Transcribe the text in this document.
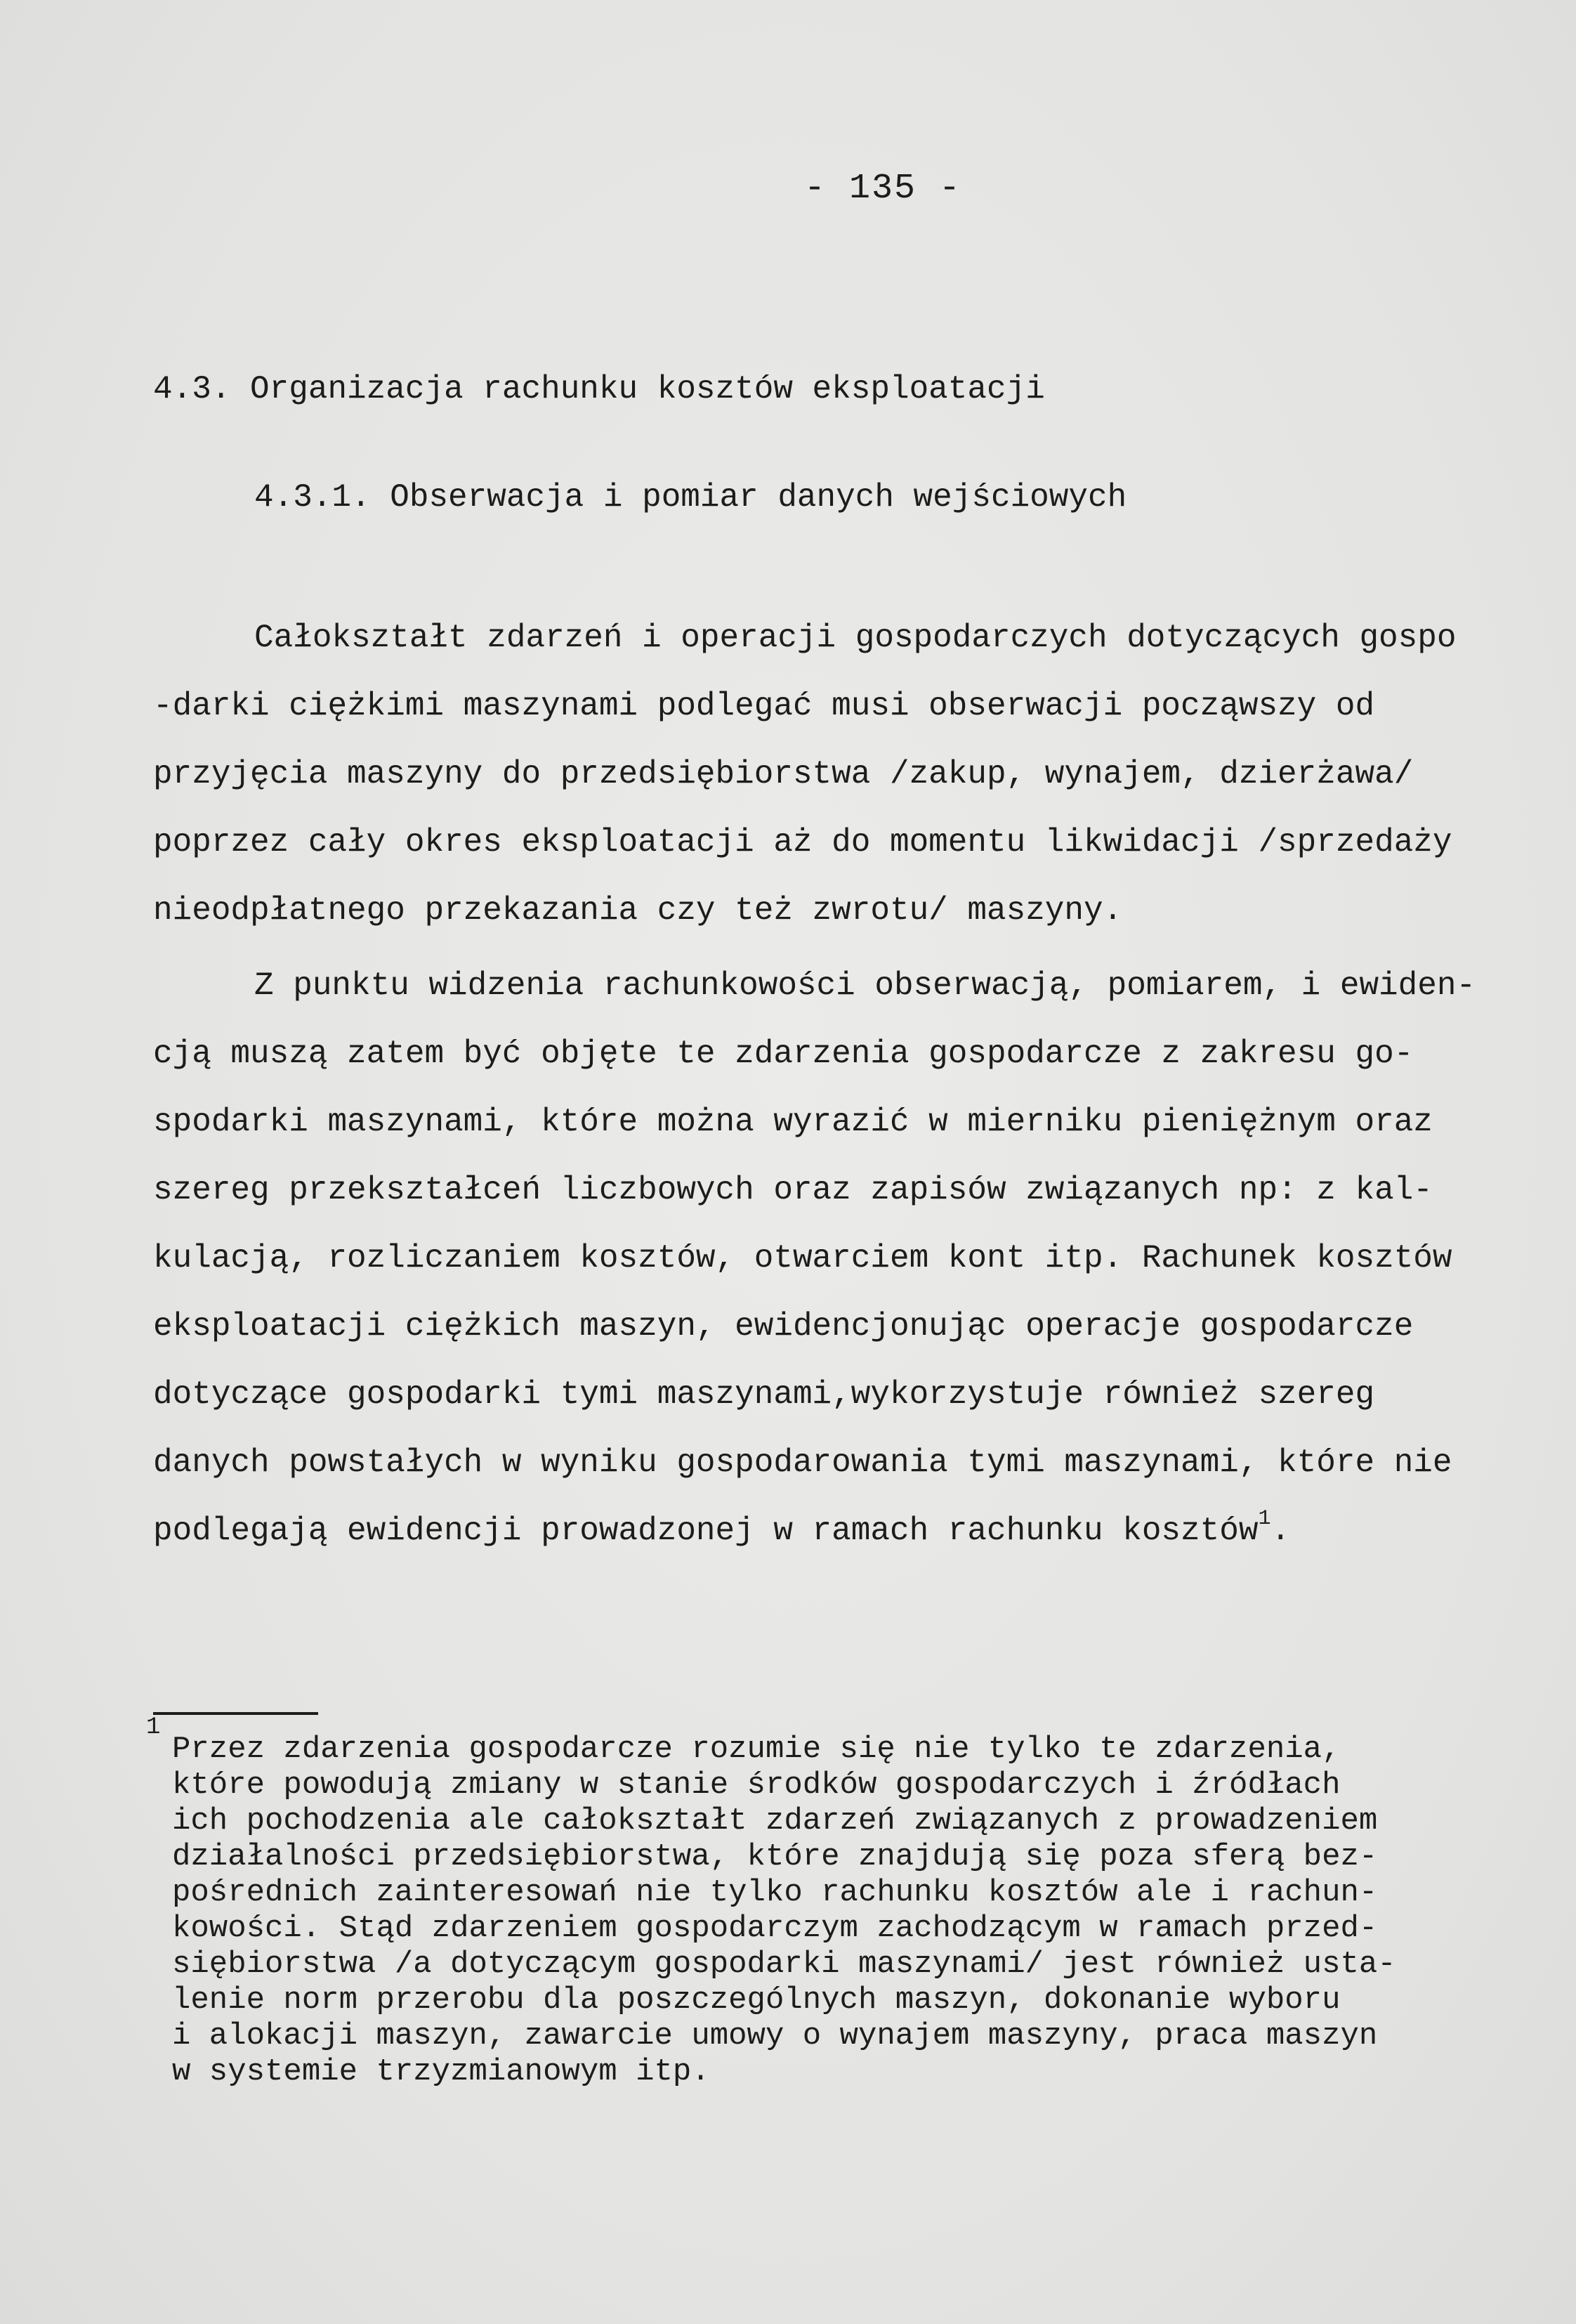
- 135 -
4.3. Organizacja rachunku kosztów eksploatacji
4.3.1. Obserwacja i pomiar danych wejściowych
Całokształt zdarzeń i operacji gospodarczych dotyczących gospo
-darki ciężkimi maszynami podlegać musi obserwacji począwszy od
przyjęcia maszyny do przedsiębiorstwa /zakup, wynajem, dzierżawa/
poprzez cały okres eksploatacji aż do momentu likwidacji /sprzedaży
nieodpłatnego przekazania czy też zwrotu/ maszyny.
Z punktu widzenia rachunkowości obserwacją, pomiarem, i ewiden-
cją muszą zatem być objęte te zdarzenia gospodarcze z zakresu go-
spodarki maszynami, które można wyrazić w mierniku pieniężnym oraz
szereg przekształceń liczbowych oraz zapisów związanych np: z kal-
kulacją, rozliczaniem kosztów, otwarciem kont itp. Rachunek kosztów
eksploatacji ciężkich maszyn, ewidencjonując operacje gospodarcze
dotyczące gospodarki tymi maszynami,wykorzystuje również szereg
danych powstałych w wyniku gospodarowania tymi maszynami, które nie
podlegają ewidencji prowadzonej w ramach rachunku kosztów$^1$.
1
Przez zdarzenia gospodarcze rozumie się nie tylko te zdarzenia,
które powodują zmiany w stanie środków gospodarczych i źródłach
ich pochodzenia ale całokształt zdarzeń związanych z prowadzeniem
działalności przedsiębiorstwa, które znajdują się poza sferą bez-
pośrednich zainteresowań nie tylko rachunku kosztów ale i rachun-
kowości. Stąd zdarzeniem gospodarczym zachodzącym w ramach przed-
siębiorstwa /a dotyczącym gospodarki maszynami/ jest również usta-
lenie norm przerobu dla poszczególnych maszyn, dokonanie wyboru
i alokacji maszyn, zawarcie umowy o wynajem maszyny, praca maszyn
w systemie trzyzmianowym itp.
